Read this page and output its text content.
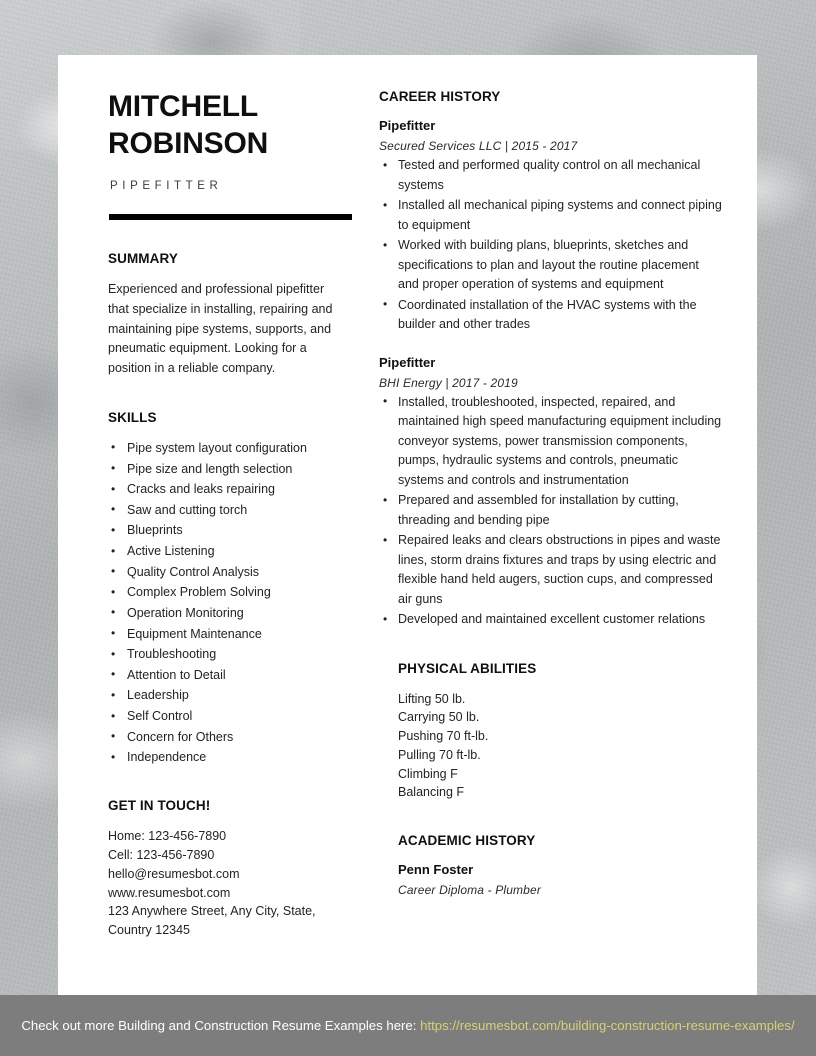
MITCHELL
ROBINSON
PIPEFITTER
SUMMARY

Experienced and professional pipefitter that specialize in installing, repairing and maintaining pipe systems, supports, and pneumatic equipment. Looking for a position in a reliable company.

SKILLS
• Pipe system layout configuration
• Pipe size and length selection
• Cracks and leaks repairing
• Saw and cutting torch
• Blueprints
• Active Listening
• Quality Control Analysis
• Complex Problem Solving
• Operation Monitoring
• Equipment Maintenance
• Troubleshooting
• Attention to Detail
• Leadership
• Self Control
• Concern for Others
• Independence
GET IN TOUCH!
Home: 123-456-7890
Cell: 123-456-7890
hello@resumesbot.com
www.resumesbot.com
123 Anywhere Street, Any City, State, Country 12345
CAREER HISTORY
Pipefitter
Secured Services LLC | 2015 - 2017
• Tested and performed quality control on all mechanical systems
• Installed all mechanical piping systems and connect piping to equipment
• Worked with building plans, blueprints, sketches and specifications to plan and layout the routine placement and proper operation of systems and equipment
• Coordinated installation of the HVAC systems with the builder and other trades
Pipefitter
BHI Energy | 2017 - 2019
• Installed, troubleshooted, inspected, repaired, and maintained high speed manufacturing equipment including conveyor systems, power transmission components, pumps, hydraulic systems and controls, pneumatic systems and controls and instrumentation
• Prepared and assembled for installation by cutting, threading and bending pipe
• Repaired leaks and clears obstructions in pipes and waste lines, storm drains fixtures and traps by using electric and flexible hand held augers, suction cups, and compressed air guns
• Developed and maintained excellent customer relations
PHYSICAL ABILITIES
Lifting 50 lb.
Carrying 50 lb.
Pushing 70 ft-lb.
Pulling 70 ft-lb.
Climbing F
Balancing F
ACADEMIC HISTORY
Penn Foster
Career Diploma - Plumber
Check out more Building and Construction Resume Examples here: https://resumesbot.com/building-construction-resume-examples/
